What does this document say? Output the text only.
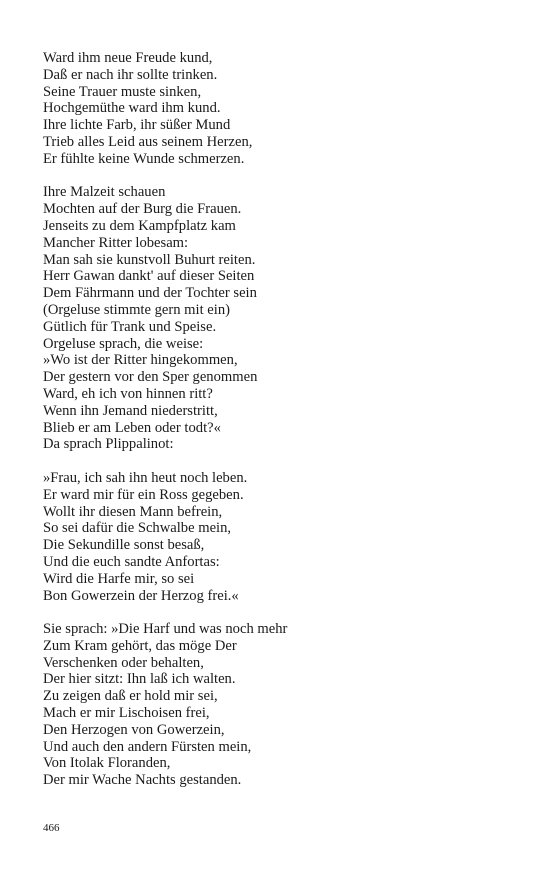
Ward ihm neue Freude kund,
Daß er nach ihr sollte trinken.
Seine Trauer muste sinken,
Hochgemüthe ward ihm kund.
Ihre lichte Farb, ihr süßer Mund
Trieb alles Leid aus seinem Herzen,
Er fühlte keine Wunde schmerzen.
Ihre Malzeit schauen
Mochten auf der Burg die Frauen.
Jenseits zu dem Kampfplatz kam
Mancher Ritter lobesam:
Man sah sie kunstvoll Buhurt reiten.
Herr Gawan dankt' auf dieser Seiten
Dem Fährmann und der Tochter sein
(Orgeluse stimmte gern mit ein)
Gütlich für Trank und Speise.
Orgeluse sprach, die weise:
»Wo ist der Ritter hingekommen,
Der gestern vor den Sper genommen
Ward, eh ich von hinnen ritt?
Wenn ihn Jemand niederstritt,
Blieb er am Leben oder todt?«
Da sprach Plippalinot:
»Frau, ich sah ihn heut noch leben.
Er ward mir für ein Ross gegeben.
Wollt ihr diesen Mann befrein,
So sei dafür die Schwalbe mein,
Die Sekundille sonst besaß,
Und die euch sandte Anfortas:
Wird die Harfe mir, so sei
Bon Gowerzein der Herzog frei.«
Sie sprach: »Die Harf und was noch mehr
Zum Kram gehört, das möge Der
Verschenken oder behalten,
Der hier sitzt: Ihn laß ich walten.
Zu zeigen daß er hold mir sei,
Mach er mir Lischoisen frei,
Den Herzogen von Gowerzein,
Und auch den andern Fürsten mein,
Von Itolak Floranden,
Der mir Wache Nachts gestanden.
466
